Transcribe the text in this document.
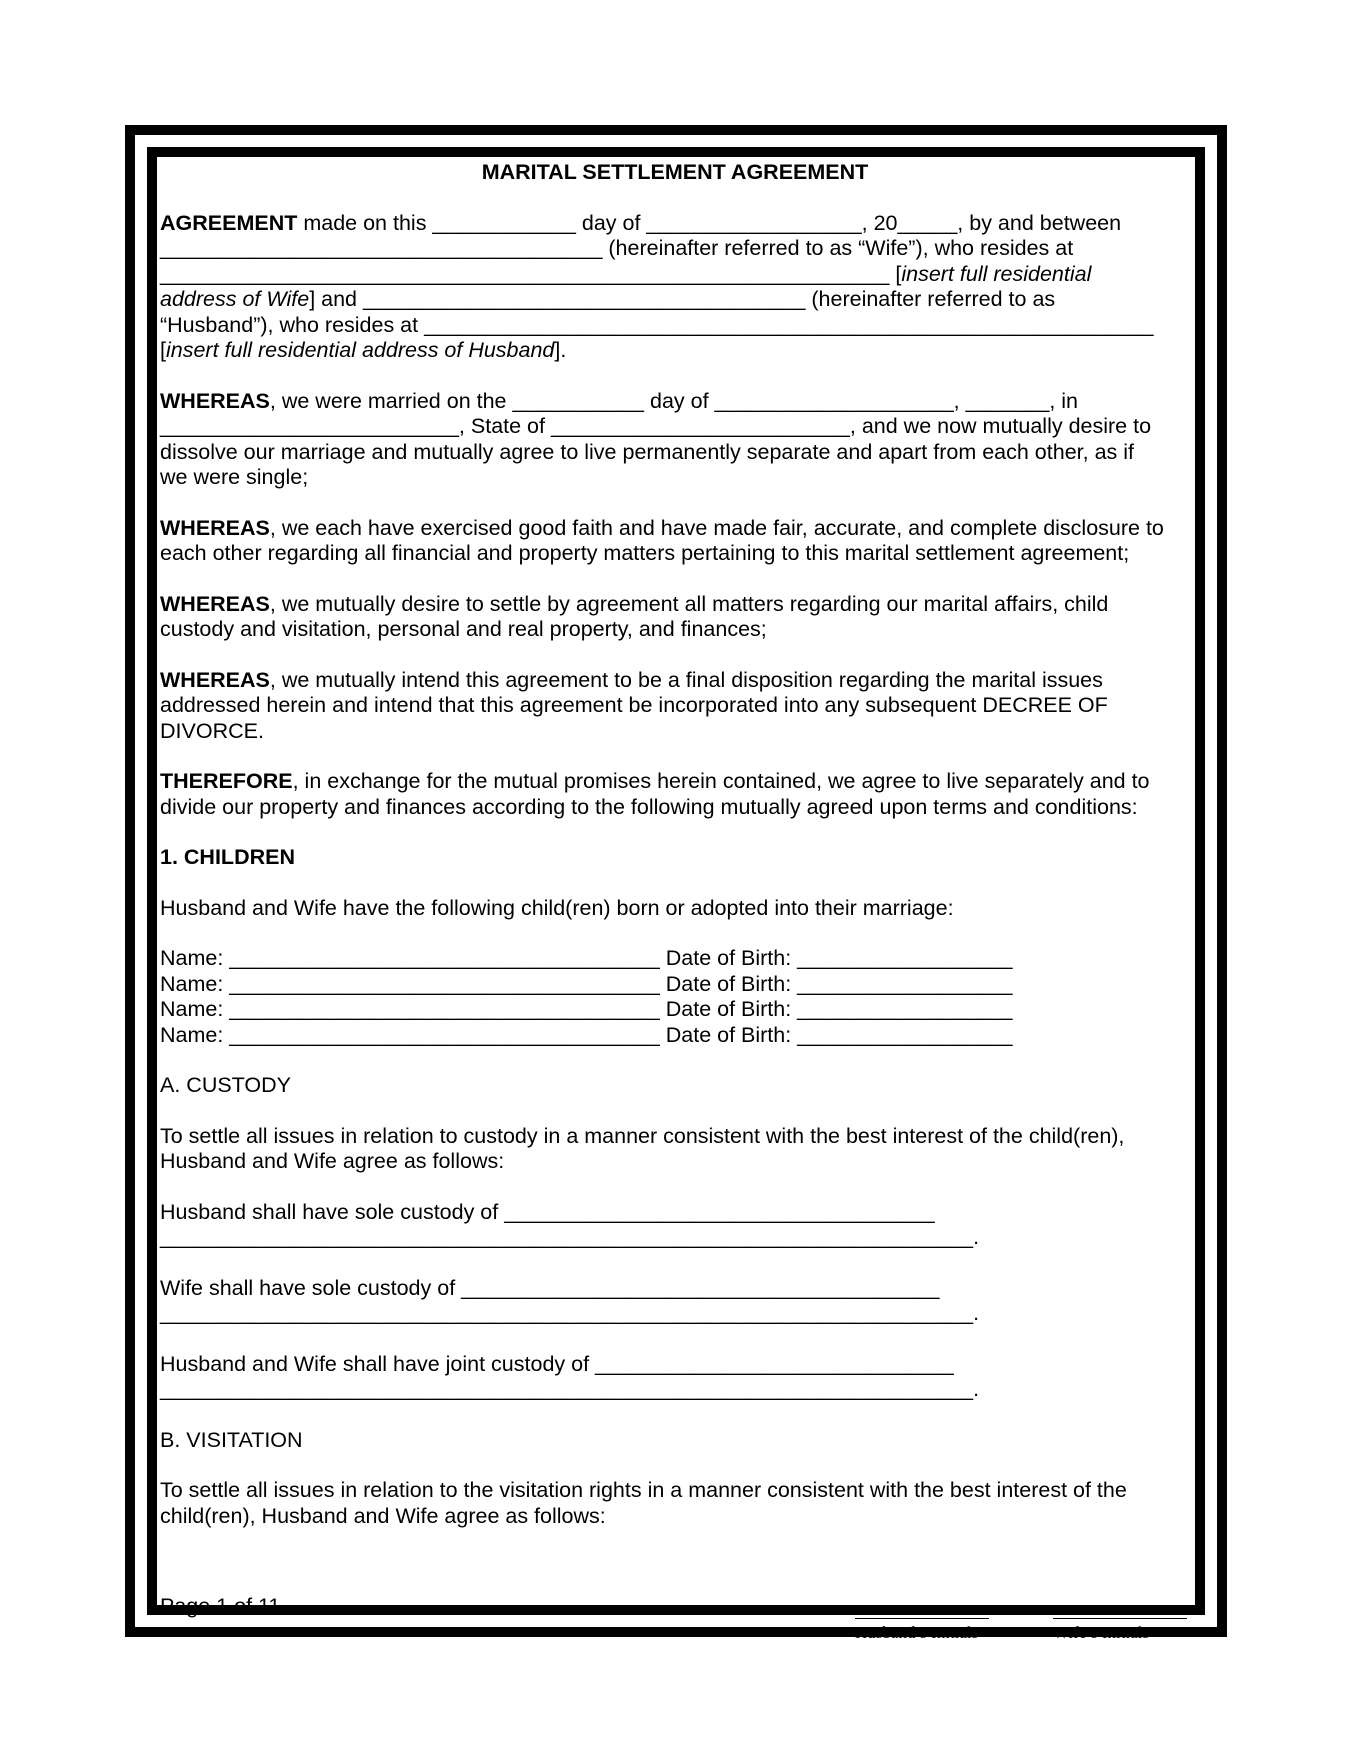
MARITAL SETTLEMENT AGREEMENT

AGREEMENT made on this ____________ day of __________________, 20_____, by and between
_____________________________________ (hereinafter referred to as “Wife”), who resides at
_____________________________________________________________ [insert full residential
address of Wife] and _____________________________________ (hereinafter referred to as
“Husband”), who resides at _____________________________________________________________
[insert full residential address of Husband].

WHEREAS, we were married on the ___________ day of ____________________, _______, in
_________________________, State of _________________________, and we now mutually desire to
dissolve our marriage and mutually agree to live permanently separate and apart from each other, as if
we were single;

WHEREAS, we each have exercised good faith and have made fair, accurate, and complete disclosure to
each other regarding all financial and property matters pertaining to this marital settlement agreement;

WHEREAS, we mutually desire to settle by agreement all matters regarding our marital affairs, child
custody and visitation, personal and real property, and finances;

WHEREAS, we mutually intend this agreement to be a final disposition regarding the marital issues
addressed herein and intend that this agreement be incorporated into any subsequent DECREE OF
DIVORCE.

THEREFORE, in exchange for the mutual promises herein contained, we agree to live separately and to
divide our property and finances according to the following mutually agreed upon terms and conditions:

1. CHILDREN

Husband and Wife have the following child(ren) born or adopted into their marriage:

Name: ____________________________________ Date of Birth: __________________
Name: ____________________________________ Date of Birth: __________________
Name: ____________________________________ Date of Birth: __________________
Name: ____________________________________ Date of Birth: __________________

A. CUSTODY

To settle all issues in relation to custody in a manner consistent with the best interest of the child(ren),
Husband and Wife agree as follows:

Husband shall have sole custody of ____________________________________
____________________________________________________________________.

Wife shall have sole custody of ________________________________________
____________________________________________________________________.

Husband and Wife shall have joint custody of ______________________________
____________________________________________________________________.

B. VISITATION

To settle all issues in relation to the visitation rights in a manner consistent with the best interest of the
child(ren), Husband and Wife agree as follows:

Page 1 of 11
Husband’s Initials	Wife’s Initials
